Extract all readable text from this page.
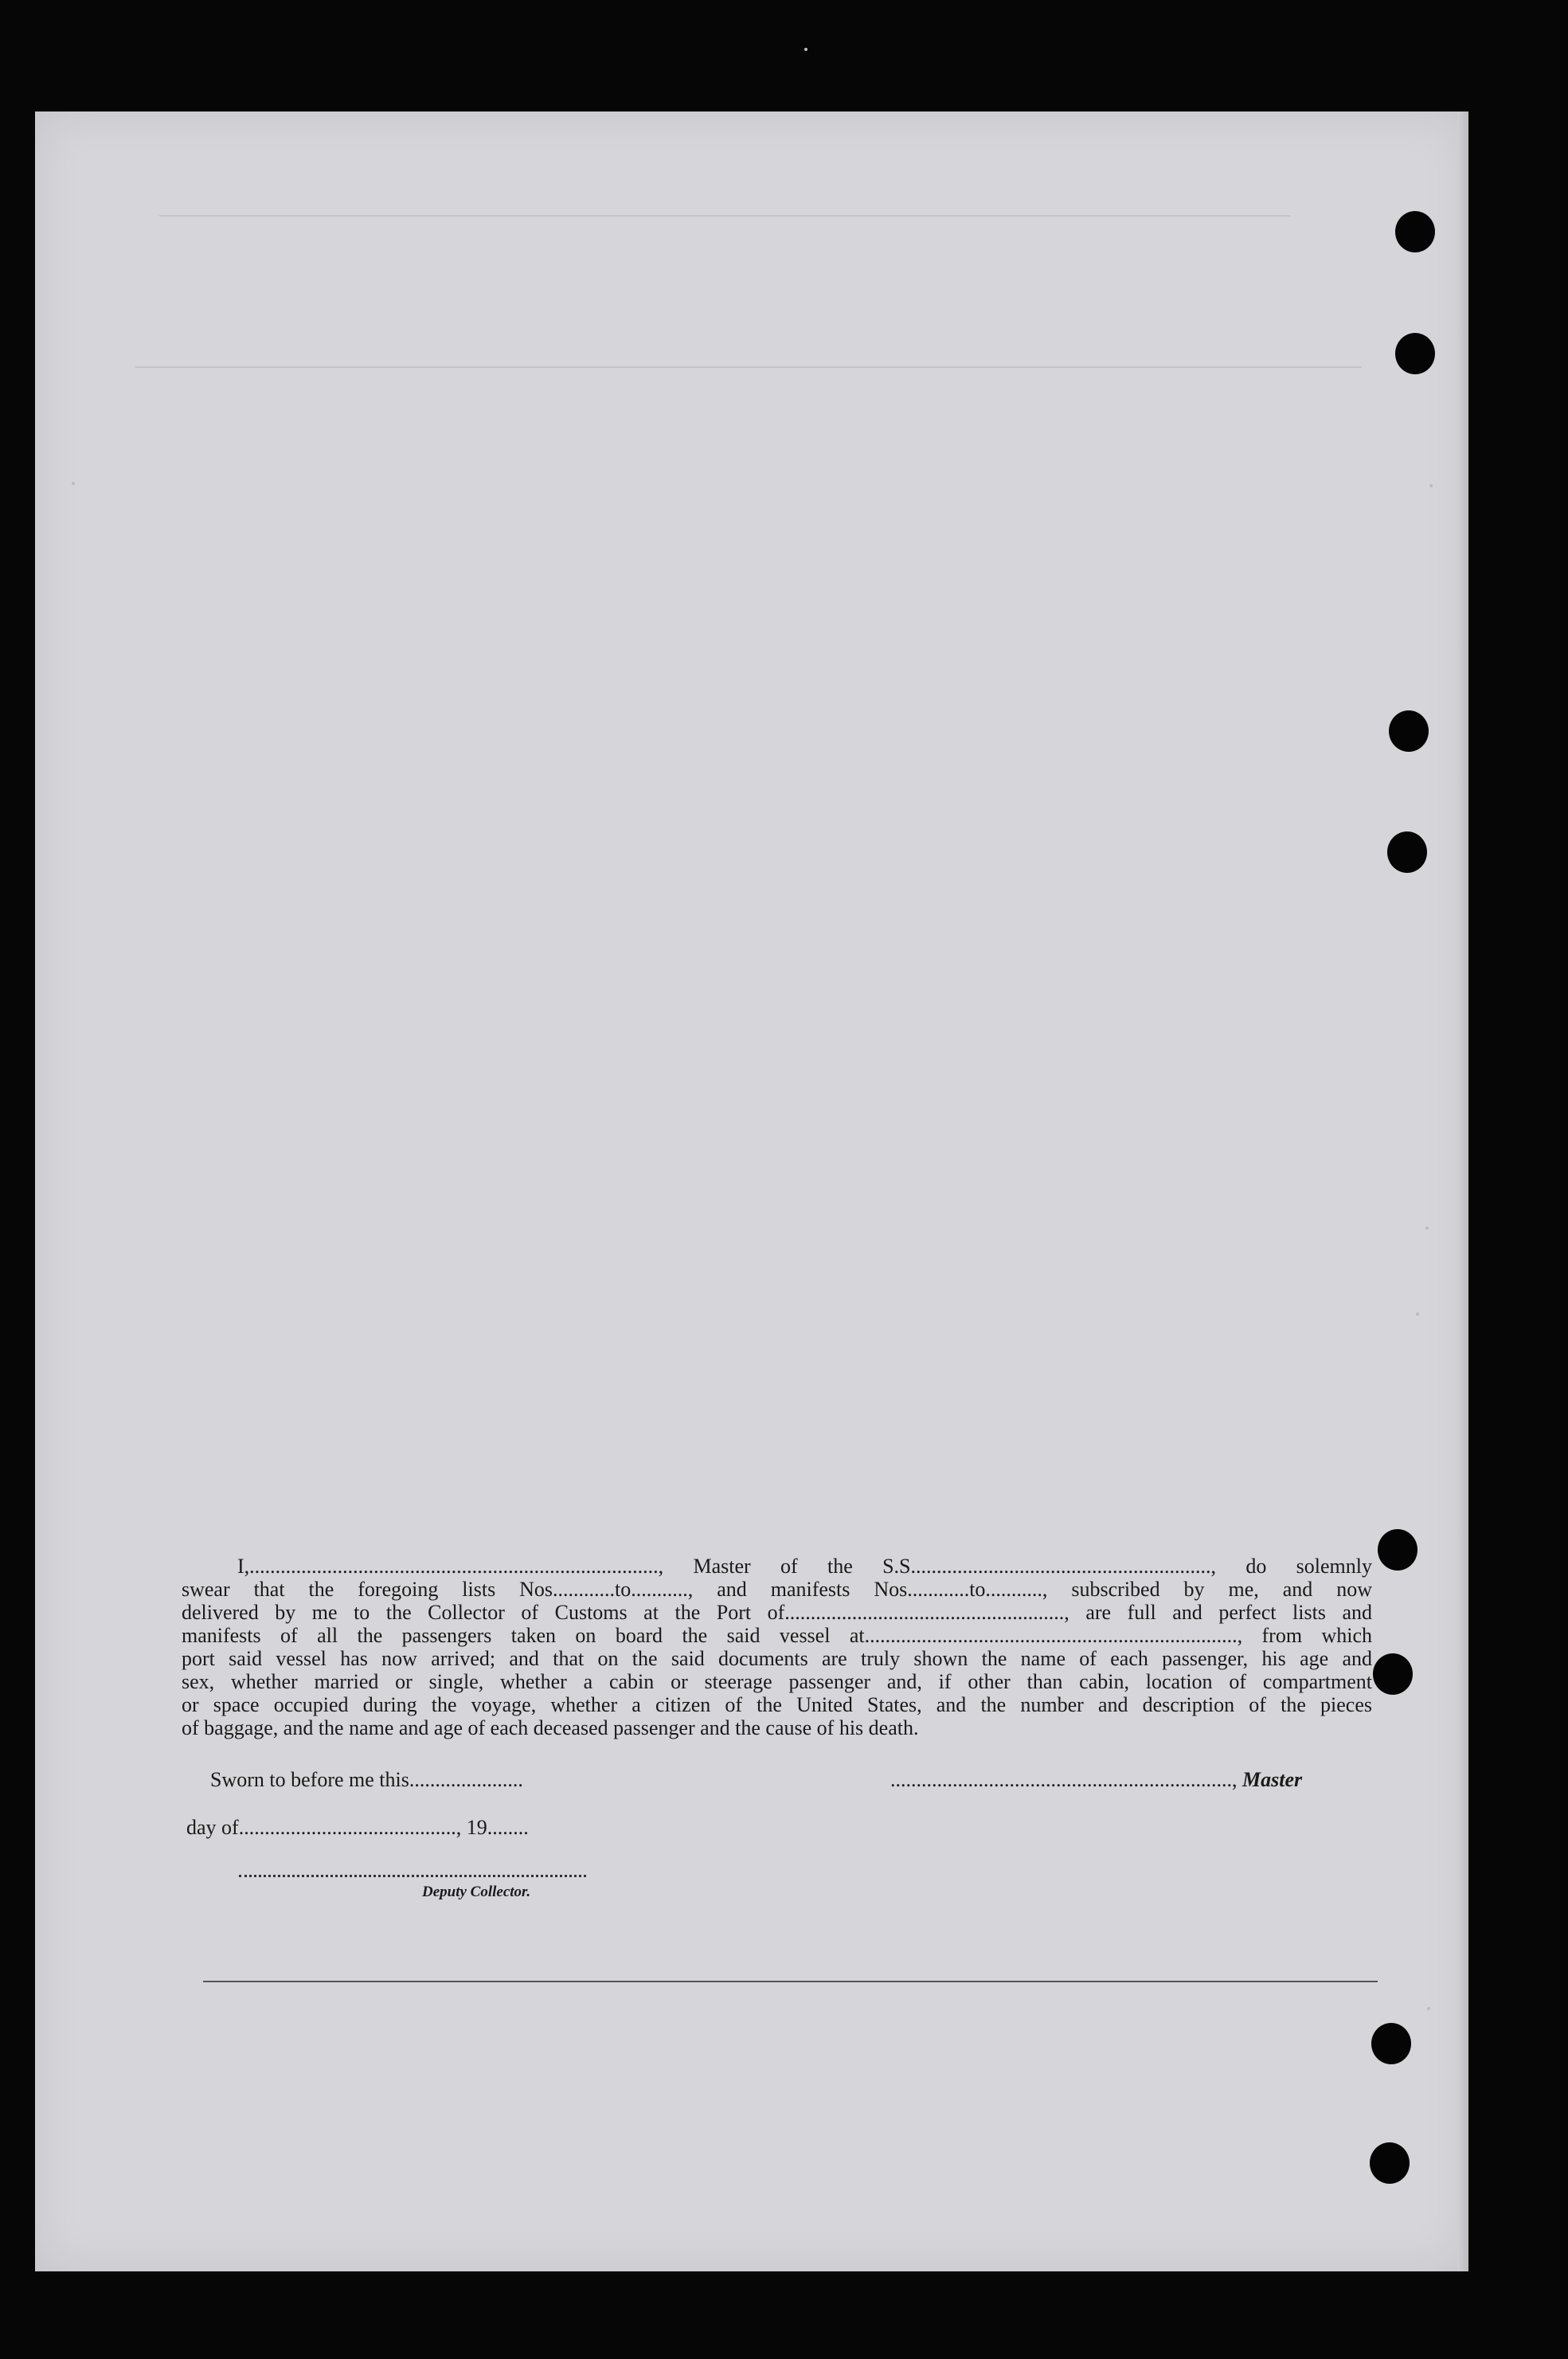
I,..............................................................................., Master of the S.S.........................................................., do solemnly
swear that the foregoing lists Nos............to..........., and manifests Nos............to..........., subscribed by me, and now
delivered by me to the Collector of Customs at the Port of......................................................, are full and perfect lists and
manifests of all the passengers taken on board the said vessel at........................................................................, from which
port said vessel has now arrived; and that on the said documents are truly shown the name of each passenger, his age and
sex, whether married or single, whether a cabin or steerage passenger and, if other than cabin, location of compartment
or space occupied during the voyage, whether a citizen of the United States, and the number and description of the pieces
of baggage, and the name and age of each deceased passenger and the cause of his death.
Sworn to before me this......................	.................................................................., Master
day of.........................................., 19........
Deputy Collector.
